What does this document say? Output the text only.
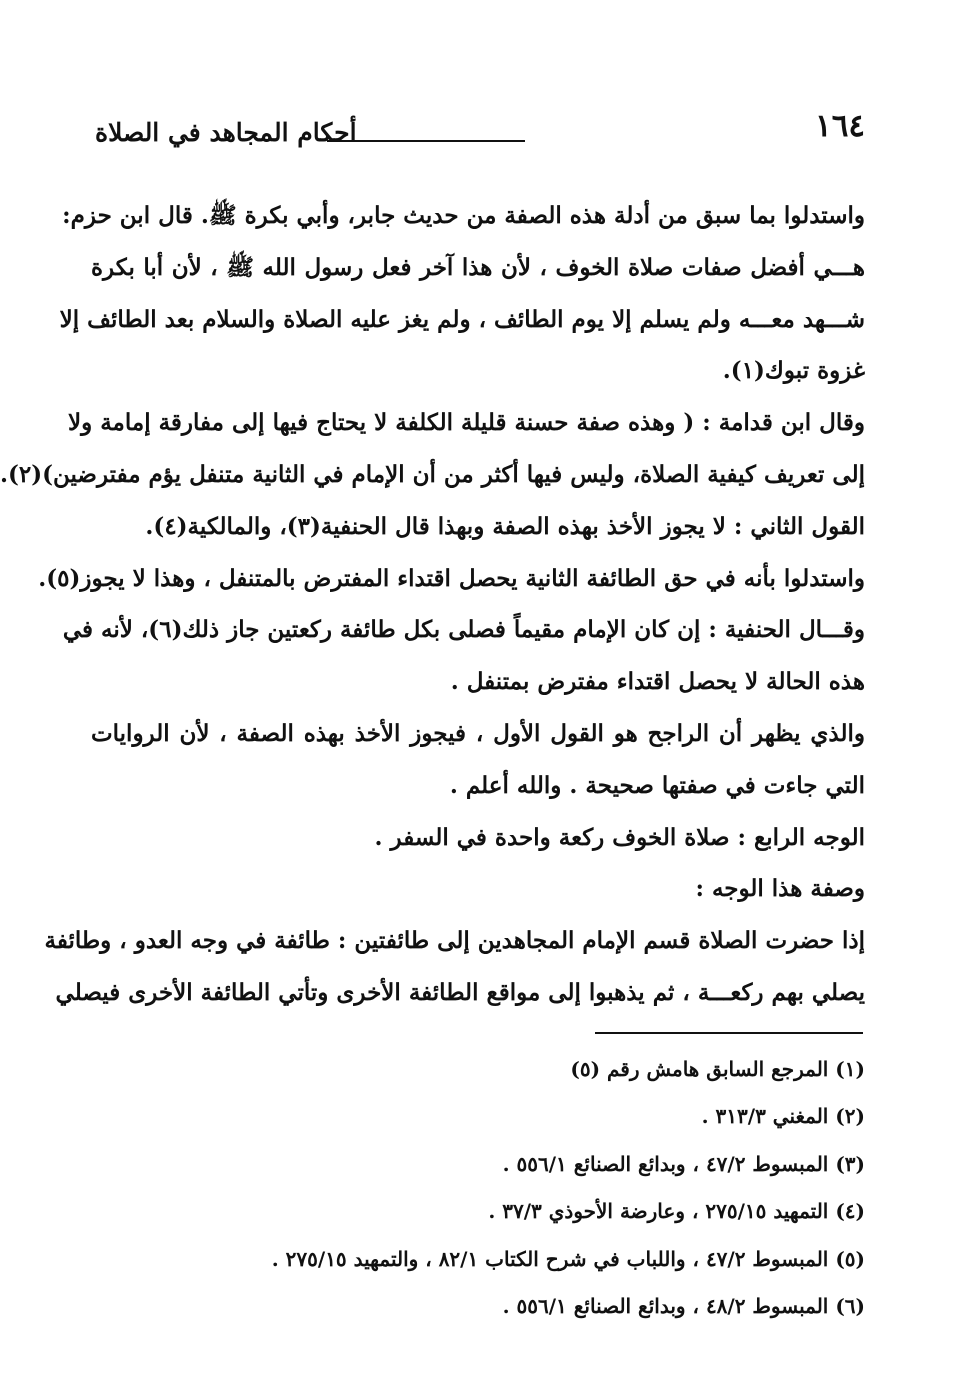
١٦٤
أحكام المجاهد في الصلاة
واستدلوا بما سبق من أدلة هذه الصفة من حديث جابر، وأبي بكرة ﷺ. قال ابن حزم:
هـــي أفضل صفات صلاة الخوف ، لأن هذا آخر فعل رسول الله ﷺ ، لأن أبا بكرة
شـــهد معـــه ولم يسلم إلا يوم الطائف ، ولم يغز عليه الصلاة والسلام بعد الطائف إلا
غزوة تبوك(١).
وقال ابن قدامة : ( وهذه صفة حسنة قليلة الكلفة لا يحتاج فيها إلى مفارقة إمامة ولا
إلى تعريف كيفية الصلاة، وليس فيها أكثر من أن الإمام في الثانية متنفل يؤم مفترضين)(٢).
القول الثاني : لا يجوز الأخذ بهذه الصفة وبهذا قال الحنفية(٣)، والمالكية(٤).
واستدلوا بأنه في حق الطائفة الثانية يحصل اقتداء المفترض بالمتنفل ، وهذا لا يجوز(٥).
وقـــال الحنفية : إن كان الإمام مقيماً فصلى بكل طائفة ركعتين جاز ذلك(٦)، لأنه في
هذه الحالة لا يحصل اقتداء مفترض بمتنفل .
والذي يظهر أن الراجح هو القول الأول ، فيجوز الأخذ بهذه الصفة ، لأن الروايات
التي جاءت في صفتها صحيحة . والله أعلم .
الوجه الرابع : صلاة الخوف ركعة واحدة في السفر .
وصفة هذا الوجه :
إذا حضرت الصلاة قسم الإمام المجاهدين إلى طائفتين : طائفة في وجه العدو ، وطائفة
يصلي بهم ركعـــة ، ثم يذهبوا إلى مواقع الطائفة الأخرى وتأتي الطائفة الأخرى فيصلي
(١) المرجع السابق هامش رقم (٥)
(٢) المغني ٣١٣/٣ .
(٣) المبسوط ٤٧/٢ ، وبدائع الصنائع ٥٥٦/١ .
(٤) التمهيد ٢٧٥/١٥ ، وعارضة الأحوذي ٣٧/٣ .
(٥) المبسوط ٤٧/٢ ، واللباب في شرح الكتاب ٨٢/١ ، والتمهيد ٢٧٥/١٥ .
(٦) المبسوط ٤٨/٢ ، وبدائع الصنائع ٥٥٦/١ .
